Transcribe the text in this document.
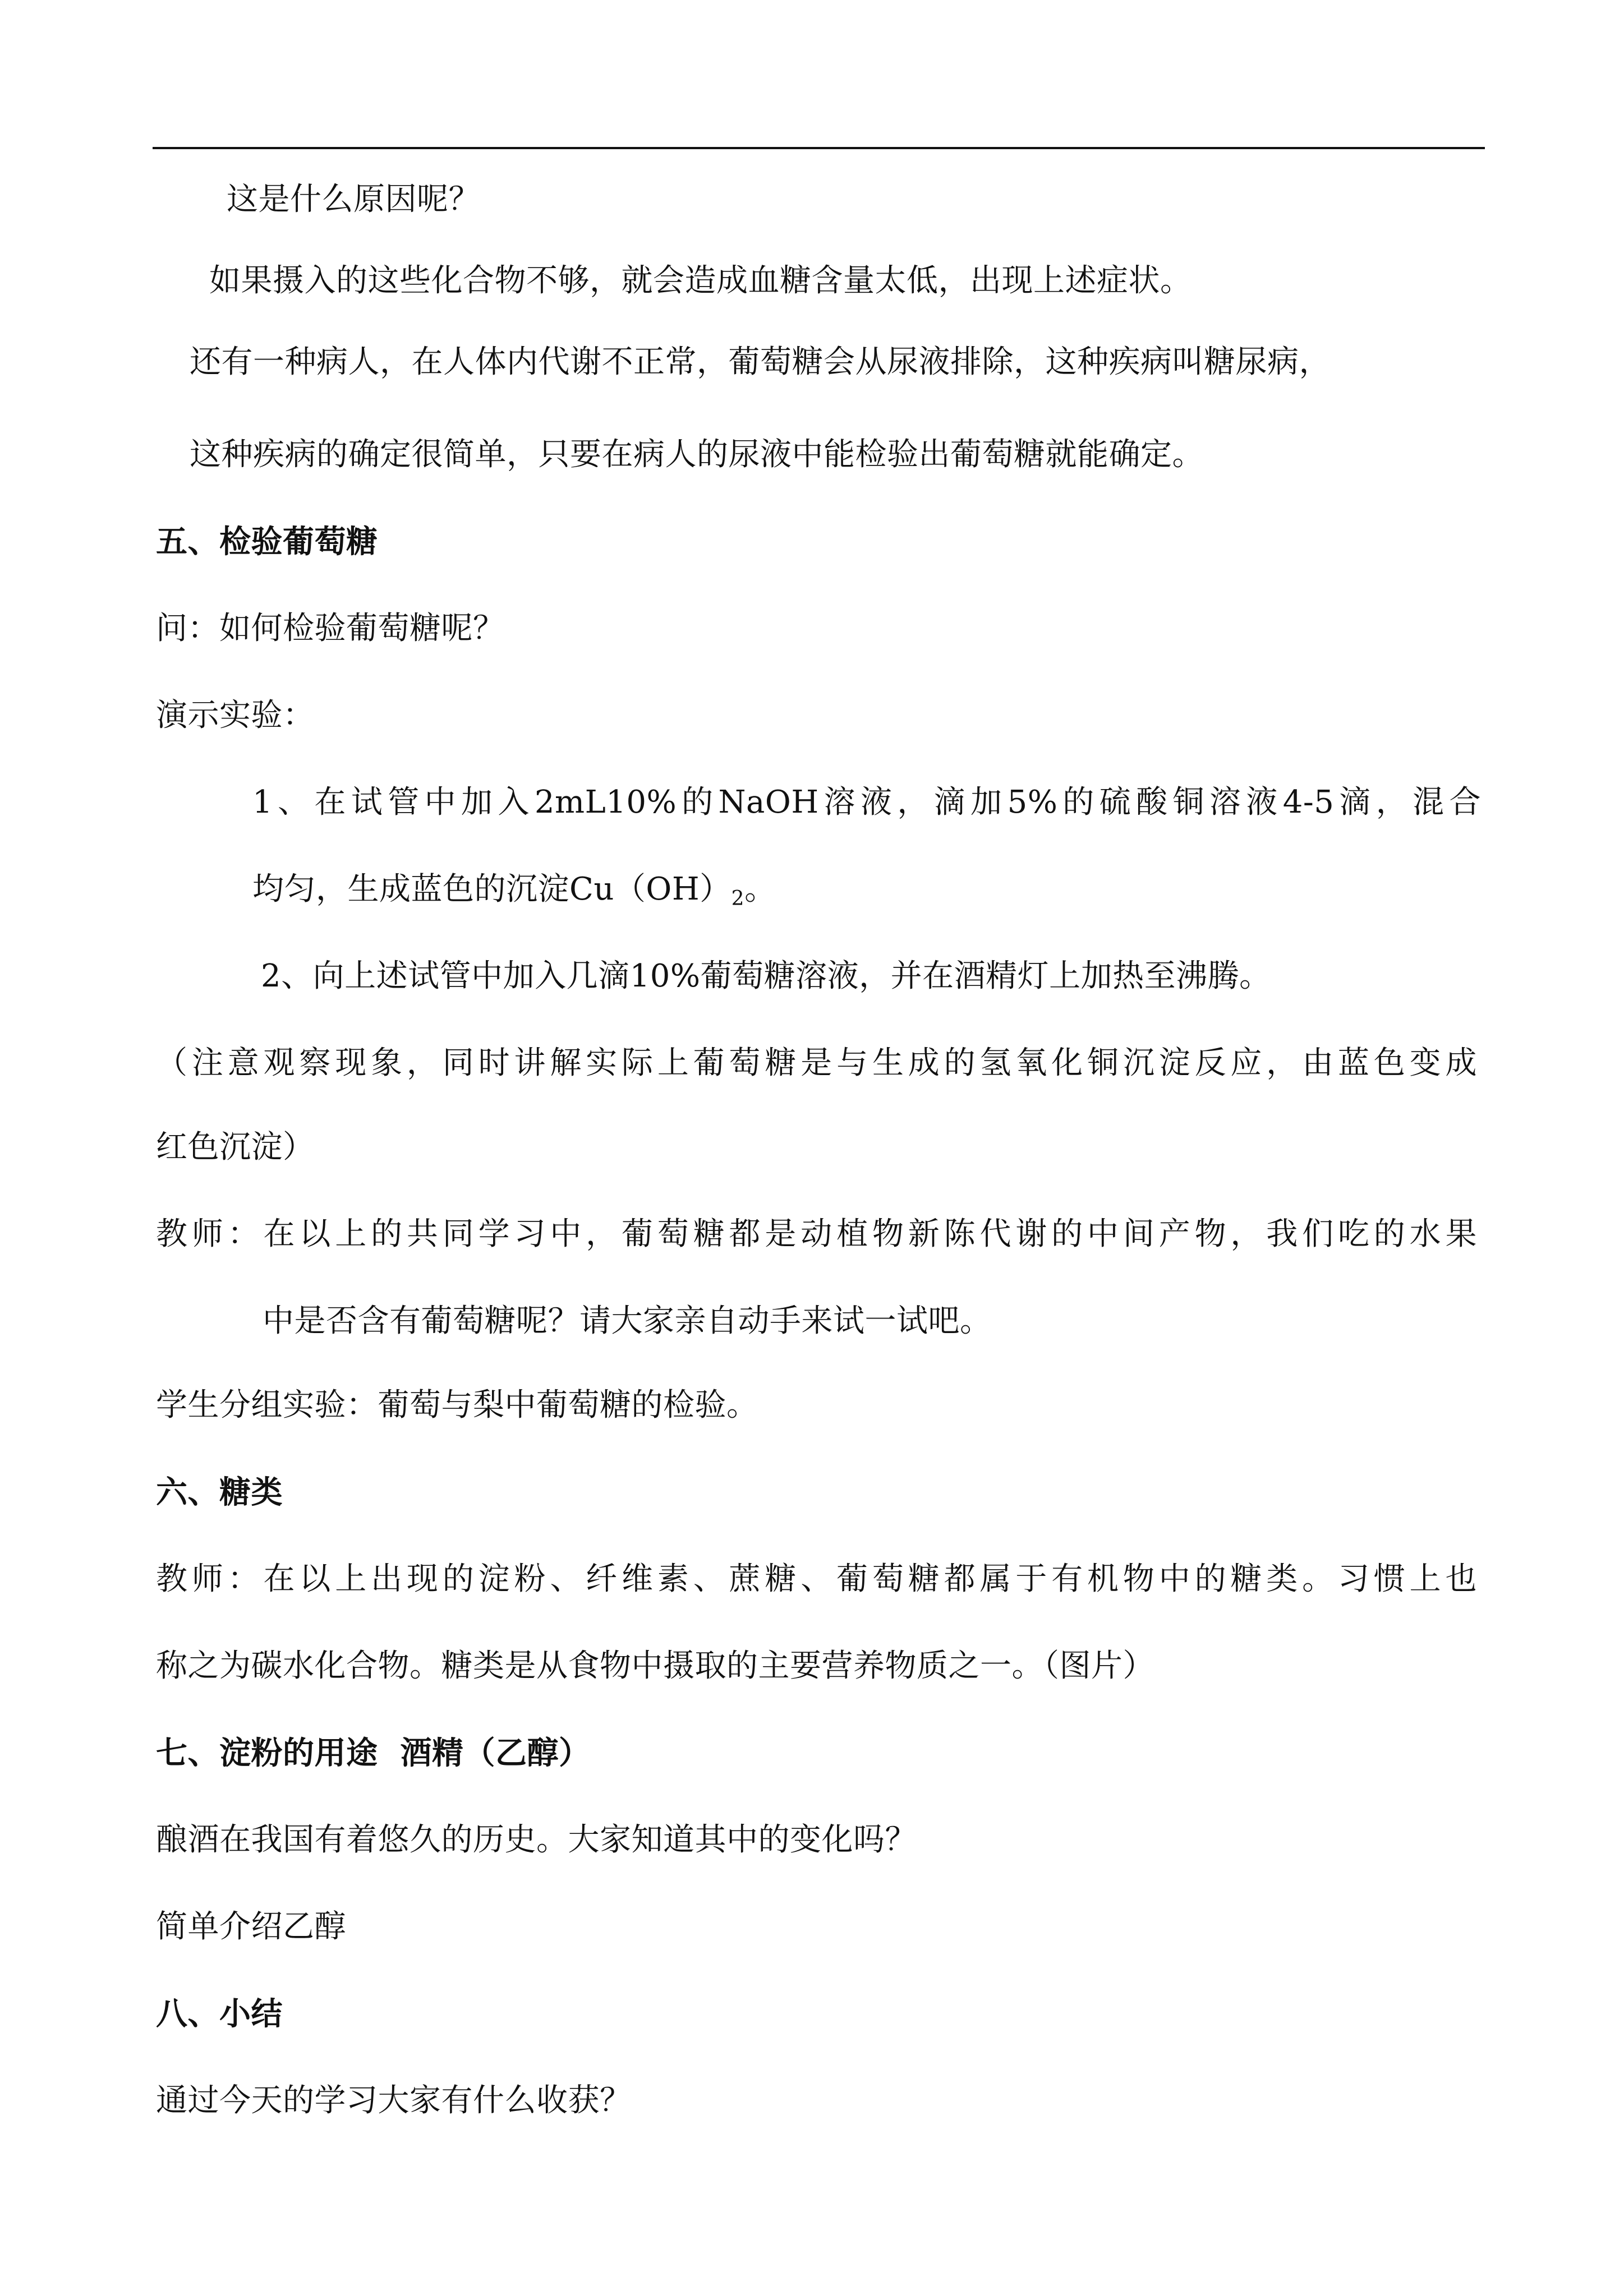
这是什么原因呢？

如果摄入的这些化合物不够，就会造成血糖含量太低，出现上述症状。

还有一种病人，在人体内代谢不正常，葡萄糖会从尿液排除，这种疾病叫糖尿病，

这种疾病的确定很简单，只要在病人的尿液中能检验出葡萄糖就能确定。

五、检验葡萄糖

问：如何检验葡萄糖呢？

演示实验：

1、在试管中加入2mL10%的NaOH溶液，滴加5%的硫酸铜溶液4-5滴，混合

均匀，生成蓝色的沉淀$Cu(OH)_2$。

2、向上述试管中加入几滴10%葡萄糖溶液，并在酒精灯上加热至沸腾。

（注意观察现象，同时讲解实际上葡萄糖是与生成的氢氧化铜沉淀反应，由蓝色变成

红色沉淀）

教师：在以上的共同学习中，葡萄糖都是动植物新陈代谢的中间产物，我们吃的水果

中是否含有葡萄糖呢？请大家亲自动手来试一试吧。

学生分组实验：葡萄与梨中葡萄糖的检验。

六、糖类

教师：在以上出现的淀粉、纤维素、蔗糖、葡萄糖都属于有机物中的糖类。习惯上也

称之为碳水化合物。糖类是从食物中摄取的主要营养物质之一。（图片）

七、淀粉的用途  酒精（乙醇）

酿酒在我国有着悠久的历史。大家知道其中的变化吗？

简单介绍乙醇

八、小结

通过今天的学习大家有什么收获？
